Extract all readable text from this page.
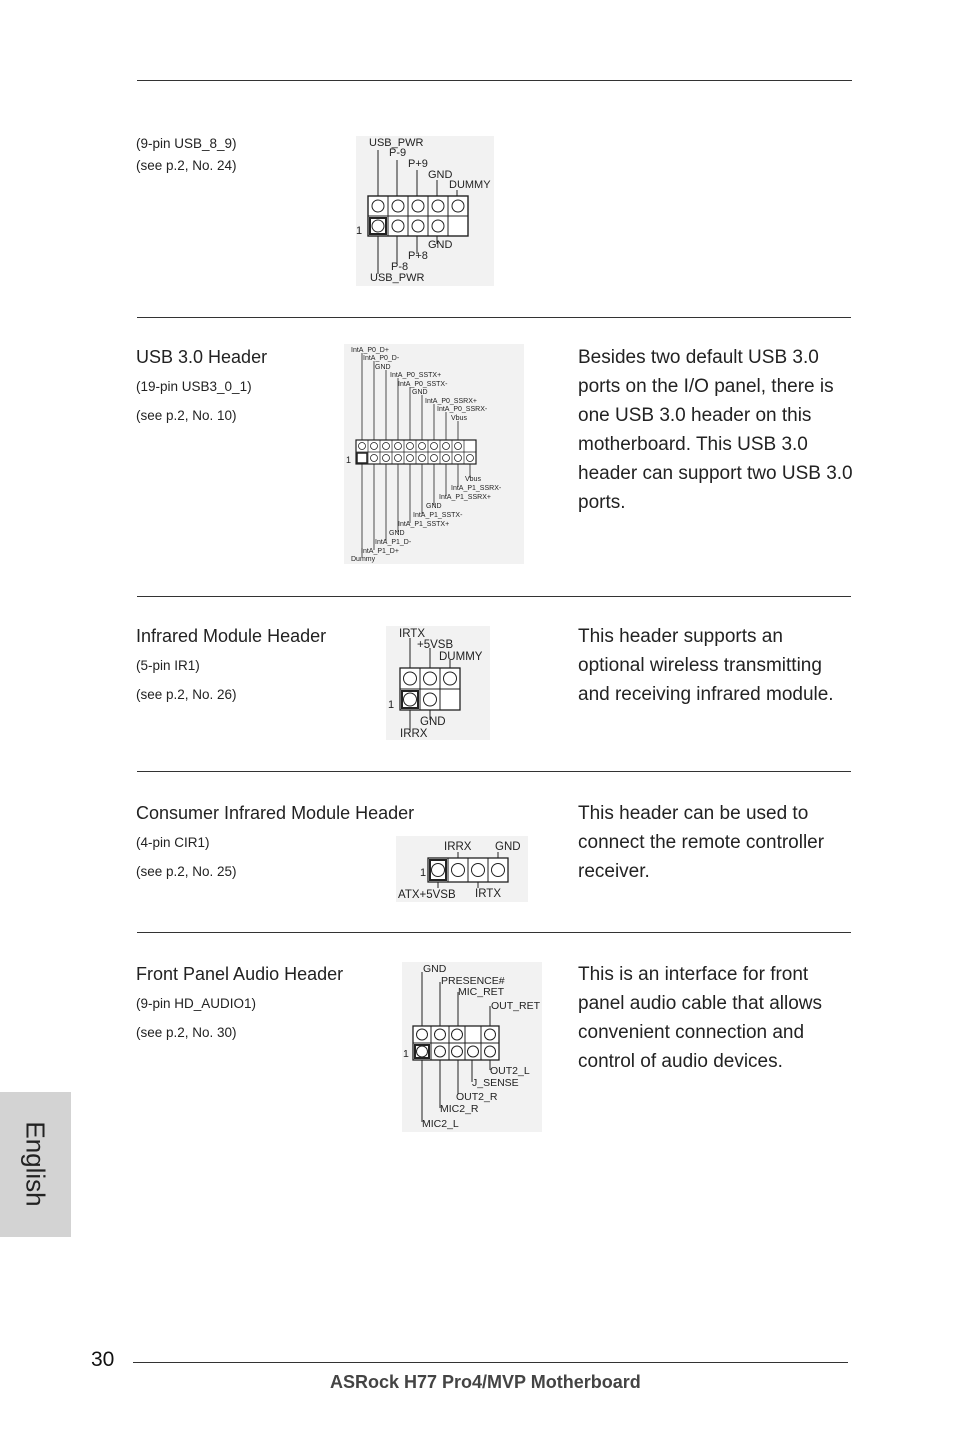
(9-pin USB_8_9)
(see p.2, No. 24)
USB_PWR
P-9
P+9
GND
DUMMY
1
GND
P+8
P-8
USB_PWR
USB 3.0 Header
(19-pin USB3_0_1)
(see p.2, No. 10)
Besides two default USB 3.0
ports on the I/O panel, there is
one USB 3.0 header on this
motherboard. This USB 3.0
header can support two USB 3.0
ports.
IntA_P0_D+
IntA_P0_D-
GND
IntA_P0_SSTX+
IntA_P0_SSTX-
GND
IntA_P0_SSRX+
IntA_P0_SSRX-
Vbus
1
Vbus
IntA_P1_SSRX-
IntA_P1_SSRX+
GND
IntA_P1_SSTX-
IntA_P1_SSTX+
GND
IntA_P1_D-
IntA_P1_D+
Dummy
Infrared Module Header
(5-pin IR1)
(see p.2, No. 26)
This header supports an
optional wireless transmitting
and receiving infrared module.
IRTX
+5VSB
DUMMY
1
GND
IRRX
Consumer Infrared Module Header
(4-pin CIR1)
(see p.2, No. 25)
This header can be used to
connect the remote controller
receiver.
IRRX GND
1
ATX+5VSB IRTX
Front Panel Audio Header
(9-pin HD_AUDIO1)
(see p.2, No. 30)
This is an interface for front
panel audio cable that allows
convenient connection and
control of audio devices.
GND
PRESENCE#
MIC_RET
OUT_RET
1
OUT2_L
J_SENSE
OUT2_R
MIC2_R
MIC2_L
English
30
ASRock H77 Pro4/MVP Motherboard
